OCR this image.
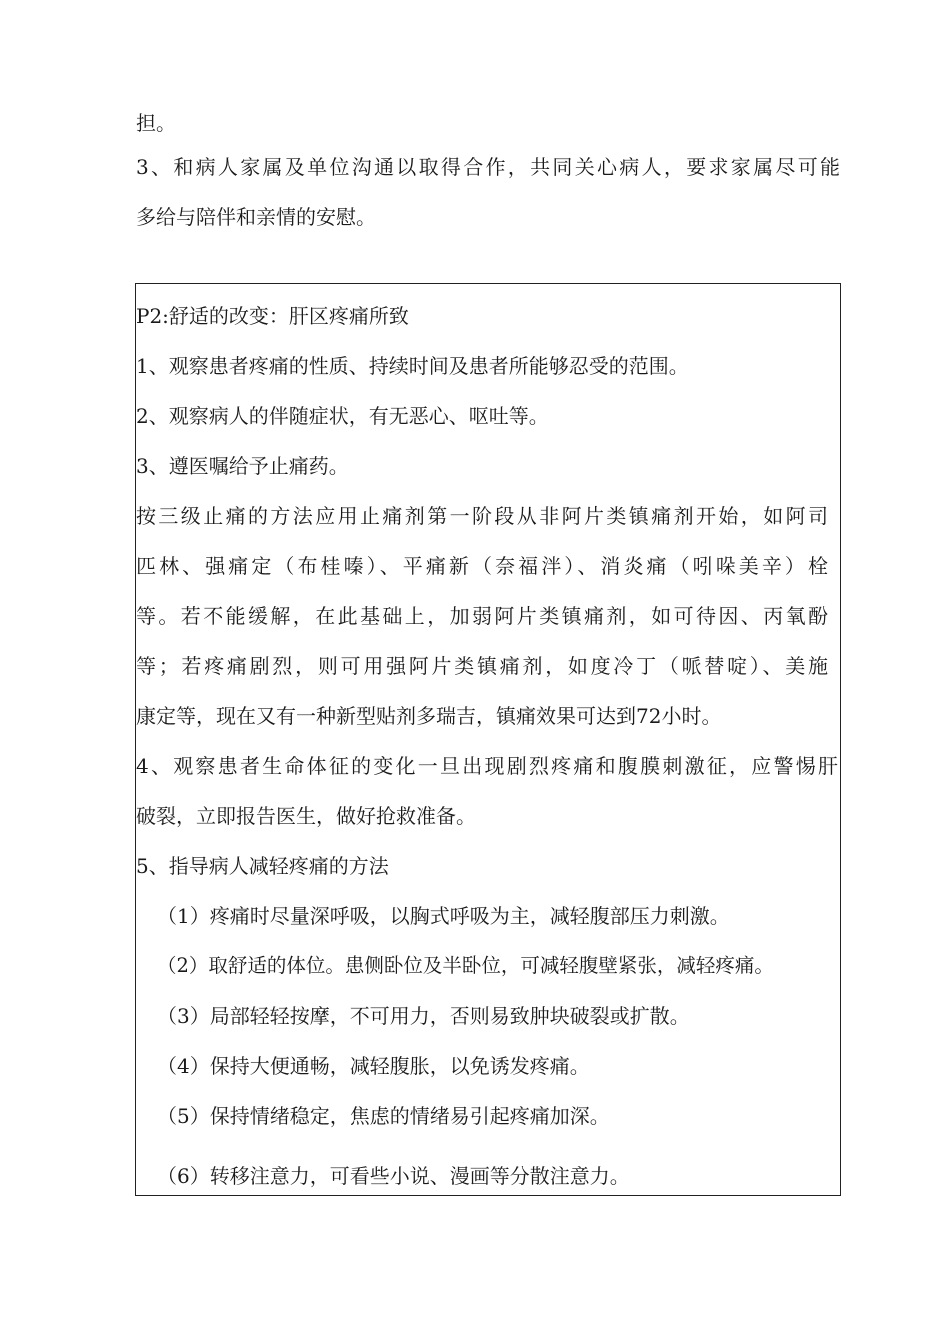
担。
3、和病人家属及单位沟通以取得合作，共同关心病人，要求家属尽可能
多给与陪伴和亲情的安慰。
P2:舒适的改变：肝区疼痛所致
1、观察患者疼痛的性质、持续时间及患者所能够忍受的范围。
2、观察病人的伴随症状，有无恶心、呕吐等。
3、遵医嘱给予止痛药。
按三级止痛的方法应用止痛剂第一阶段从非阿片类镇痛剂开始，如阿司
匹林、强痛定（布桂嗪）、平痛新（奈福泮）、消炎痛（吲哚美辛）栓
等。若不能缓解，在此基础上，加弱阿片类镇痛剂，如可待因、丙氧酚
等；若疼痛剧烈，则可用强阿片类镇痛剂，如度冷丁（哌替啶）、美施
康定等，现在又有一种新型贴剂多瑞吉，镇痛效果可达到72小时。
4、观察患者生命体征的变化一旦出现剧烈疼痛和腹膜刺激征，应警惕肝
破裂，立即报告医生，做好抢救准备。
5、指导病人减轻疼痛的方法
（1）疼痛时尽量深呼吸，以胸式呼吸为主，减轻腹部压力刺激。
（2）取舒适的体位。患侧卧位及半卧位，可减轻腹壁紧张，减轻疼痛。
（3）局部轻轻按摩，不可用力，否则易致肿块破裂或扩散。
（4）保持大便通畅，减轻腹胀，以免诱发疼痛。
（5）保持情绪稳定，焦虑的情绪易引起疼痛加深。
（6）转移注意力，可看些小说、漫画等分散注意力。
